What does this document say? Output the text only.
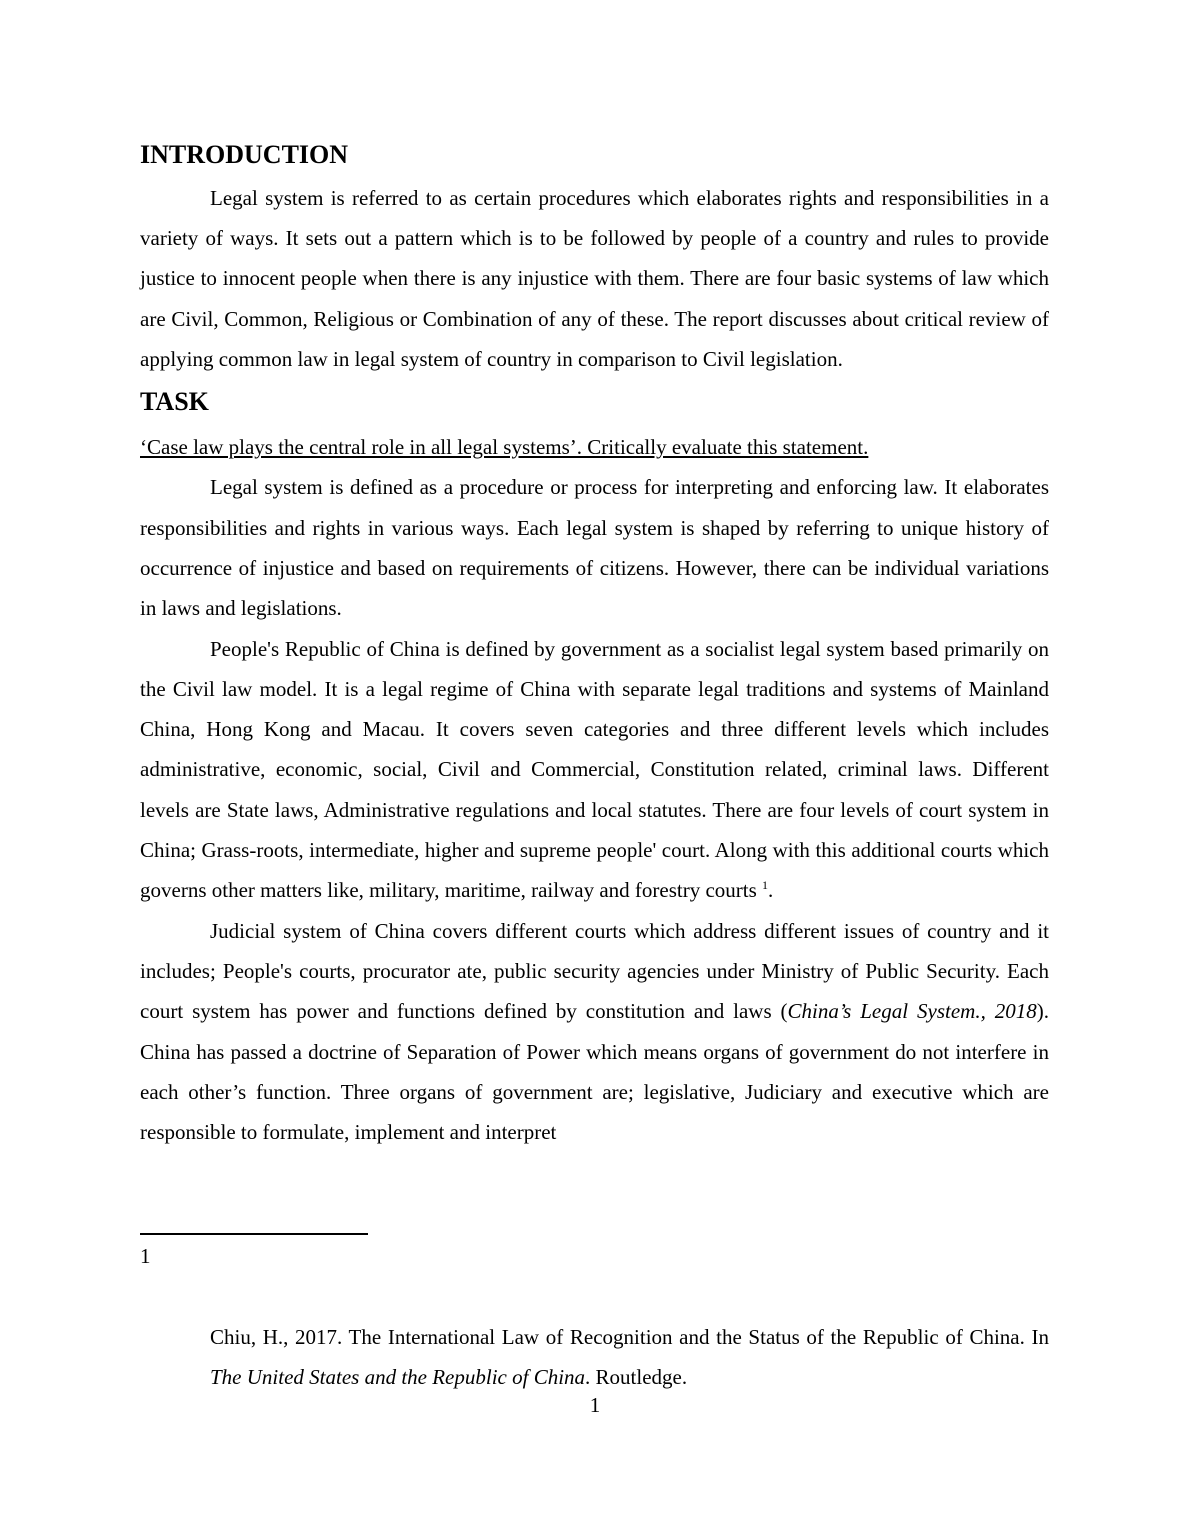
INTRODUCTION

Legal system is referred to as certain procedures which elaborates rights and responsibilities in a variety of ways. It sets out a pattern which is to be followed by people of a country and rules to provide justice to innocent people when there is any injustice with them. There are four basic systems of law which are Civil, Common, Religious or Combination of any of these. The report discusses about critical review of applying common law in legal system of country in comparison to Civil legislation.

TASK

‘Case law plays the central role in all legal systems’. Critically evaluate this statement.

Legal system is defined as a procedure or process for interpreting and enforcing law. It elaborates responsibilities and rights in various ways. Each legal system is shaped by referring to unique history of occurrence of injustice and based on requirements of citizens. However, there can be individual variations in laws and legislations.

People's Republic of China is defined by government as a socialist legal system based primarily on the Civil law model. It is a legal regime of China with separate legal traditions and systems of Mainland China, Hong Kong and Macau. It covers seven categories and three different levels which includes administrative, economic, social, Civil and Commercial, Constitution related, criminal laws. Different levels are State laws, Administrative regulations and local statutes. There are four levels of court system in China; Grass-roots, intermediate, higher and supreme people' court. Along with this additional courts which governs other matters like, military, maritime, railway and forestry courts $^1$.

Judicial system of China covers different courts which address different issues of country and it includes; People's courts, procurator ate, public security agencies under Ministry of Public Security. Each court system has power and functions defined by constitution and laws (China’s Legal System., 2018). China has passed a doctrine of Separation of Power which means organs of government do not interfere in each other’s function. Three organs of government are; legislative, Judiciary and executive which are responsible to formulate, implement and interpret

1
Chiu, H., 2017. The International Law of Recognition and the Status of the Republic of China. In The United States and the Republic of China. Routledge.
1
